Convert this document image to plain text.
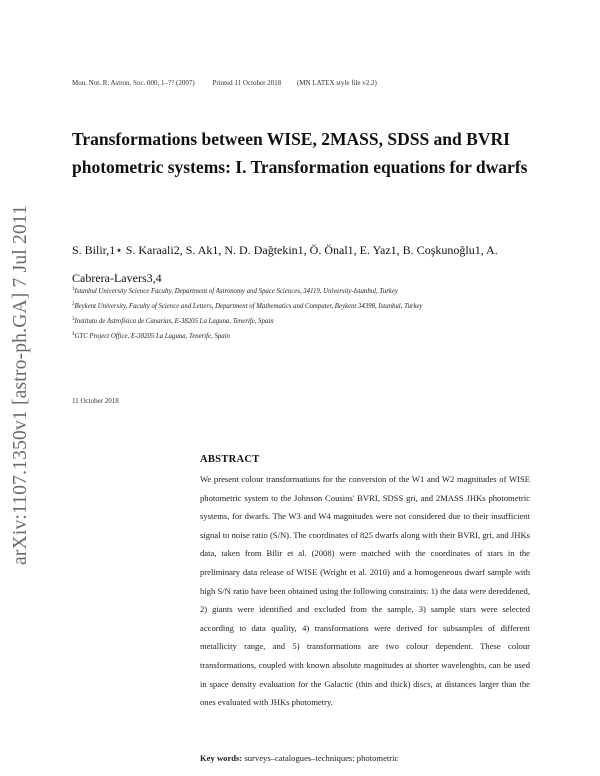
arXiv:1107.1350v1 [astro-ph.GA] 7 Jul 2011
Mon. Not. R. Astron. Soc. 000, 1–?? (2007)	Printed 11 October 2018 (MN LATEX style file v2.2)
Transformations between WISE, 2MASS, SDSS and BVRI photometric systems: I. Transformation equations for dwarfs
S. Bilir,1⋆ S. Karaali2, S. Ak1, N. D. Dağtekin1, Ö. Önal1, E. Yaz1, B. Coşkunoğlu1, A. Cabrera-Lavers3,4
$^1$Istanbul University Science Faculty, Department of Astronomy and Space Sciences, 34119, University-Istanbul, Turkey
$^2$Beykent University, Faculty of Science and Letters, Department of Mathematics and Computer, Beykent 34398, Istanbul, Turkey
$^3$Instituto de Astrofísica de Canarias, E-38205 La Laguna, Tenerife, Spain
$^4$GTC Project Office, E-38205 La Laguna, Tenerife, Spain
11 October 2018
ABSTRACT
We present colour transformations for the conversion of the W1 and W2 magnitudes of WISE photometric system to the Johnson Cousins' BVRI, SDSS gri, and 2MASS JHKs photometric systems, for dwarfs. The W3 and W4 magnitudes were not considered due to their insufficient signal to noise ratio (S/N). The coordinates of 825 dwarfs along with their BVRI, gri, and JHKs data, taken from Bilir et al. (2008) were matched with the coordinates of stars in the preliminary data release of WISE (Wright et al. 2010) and a homogeneous dwarf sample with high S/N ratio have been obtained using the following constraints: 1) the data were dereddened, 2) giants were identified and excluded from the sample, 3) sample stars were selected according to data quality, 4) transformations were derived for subsamples of different metallicity range, and 5) transformations are two colour dependent. These colour transformations, coupled with known absolute magnitudes at shorter wavelenghts, can be used in space density evaluation for the Galactic (thin and thick) discs, at distances larger than the ones evaluated with JHKs photometry.
Key words: surveys–catalogues–techniques: photometric
